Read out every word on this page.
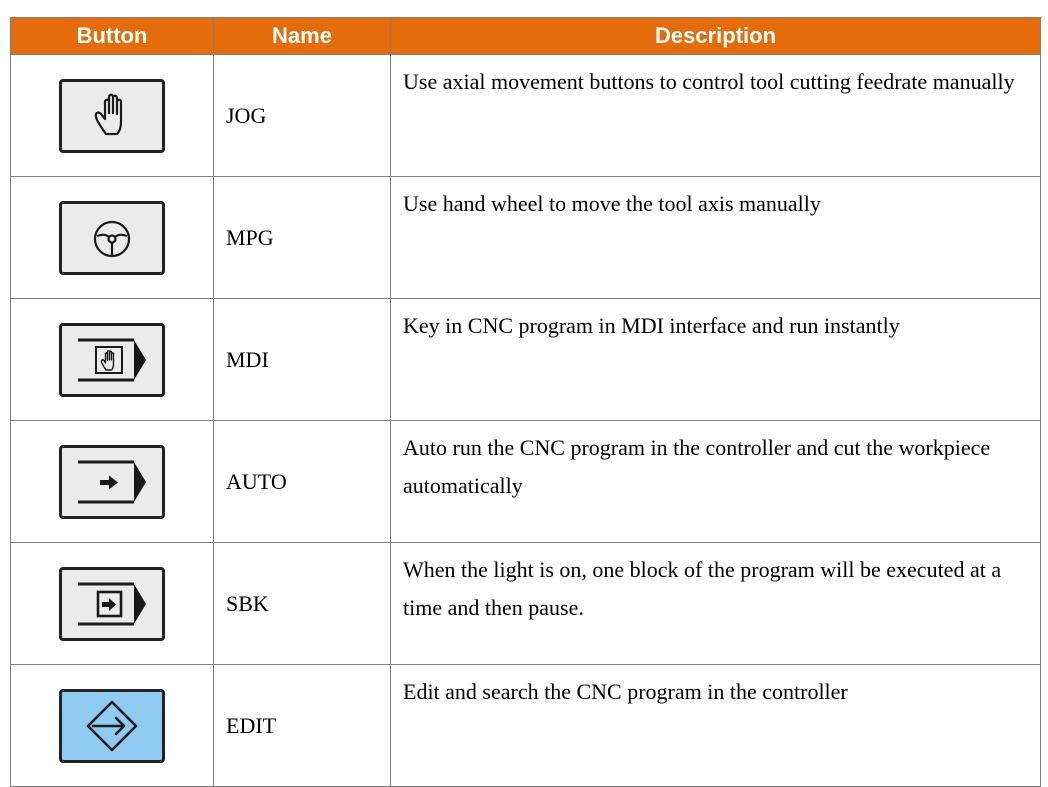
Button	Name	Description

	JOG	Use axial movement buttons to control tool cutting feedrate manually

	MPG	Use hand wheel to move the tool axis manually

	MDI	Key in CNC program in MDI interface and run instantly

	AUTO	Auto run the CNC program in the controller and cut the workpiece automatically

	SBK	When the light is on, one block of the program will be executed at a time and then pause.

	EDIT	Edit and search the CNC program in the controller
